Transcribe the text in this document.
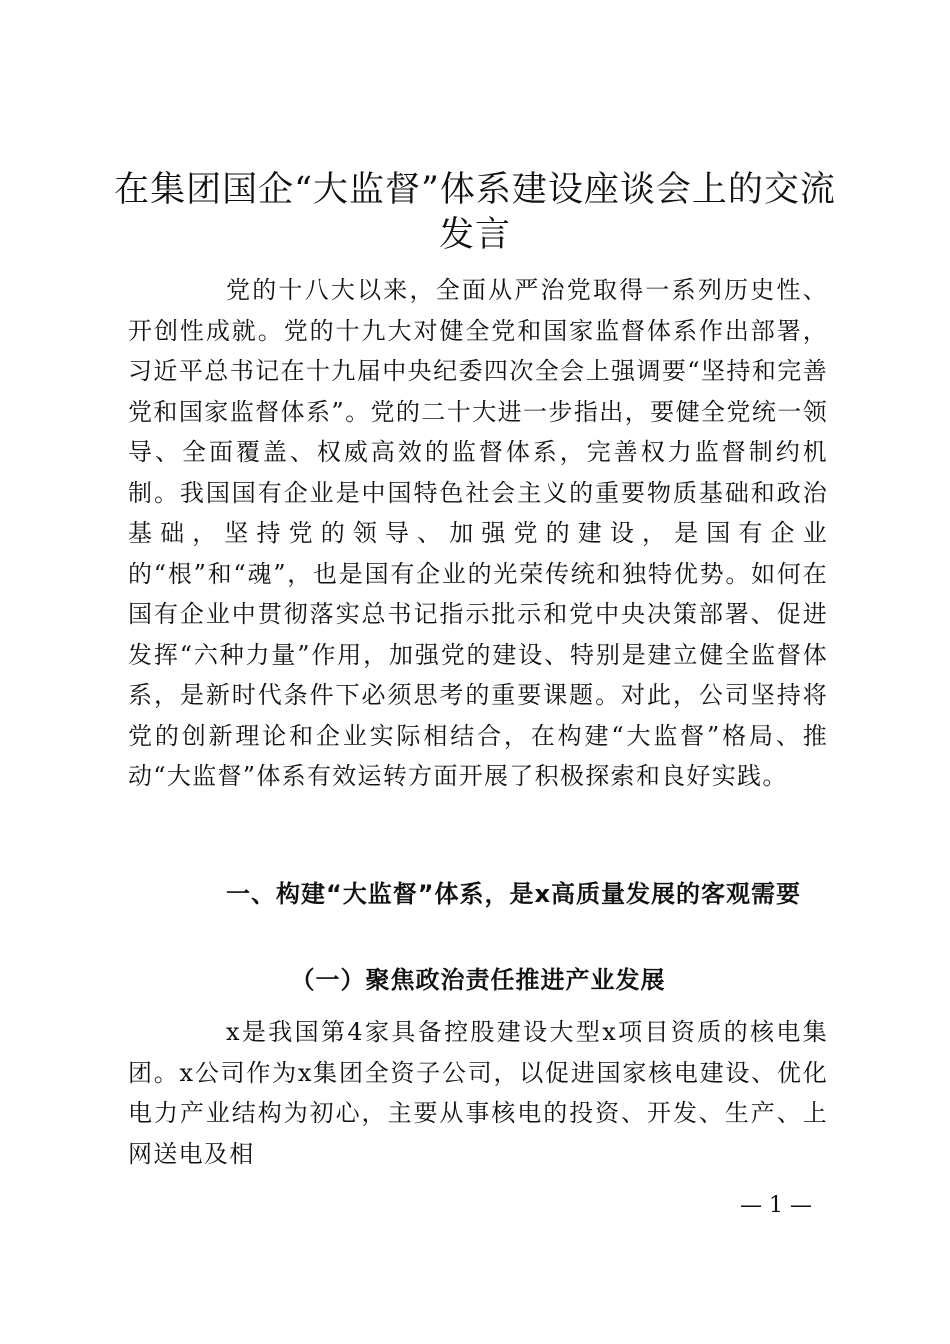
在集团国企“大监督”体系建设座谈会上的交流发言

党的十八大以来，全面从严治党取得一系列历史性、开创性成就。党的十九大对健全党和国家监督体系作出部署，习近平总书记在十九届中央纪委四次全会上强调要“坚持和完善党和国家监督体系”。党的二十大进一步指出，要健全党统一领导、全面覆盖、权威高效的监督体系，完善权力监督制约机制。我国国有企业是中国特色社会主义的重要物质基础和政治基础，坚持党的领导、加强党的建设，是国有企业的“根”和“魂”，也是国有企业的光荣传统和独特优势。如何在国有企业中贯彻落实总书记指示批示和党中央决策部署、促进发挥“六种力量”作用，加强党的建设、特别是建立健全监督体系，是新时代条件下必须思考的重要课题。对此，公司坚持将党的创新理论和企业实际相结合，在构建“大监督”格局、推动“大监督”体系有效运转方面开展了积极探索和良好实践。

一、构建“大监督”体系，是x高质量发展的客观需要
（一）聚焦政治责任推进产业发展

x是我国第4家具备控股建设大型x项目资质的核电集团。x公司作为x集团全资子公司，以促进国家核电建设、优化电力产业结构为初心，主要从事核电的投资、开发、生产、上网送电及相

— 1 —
